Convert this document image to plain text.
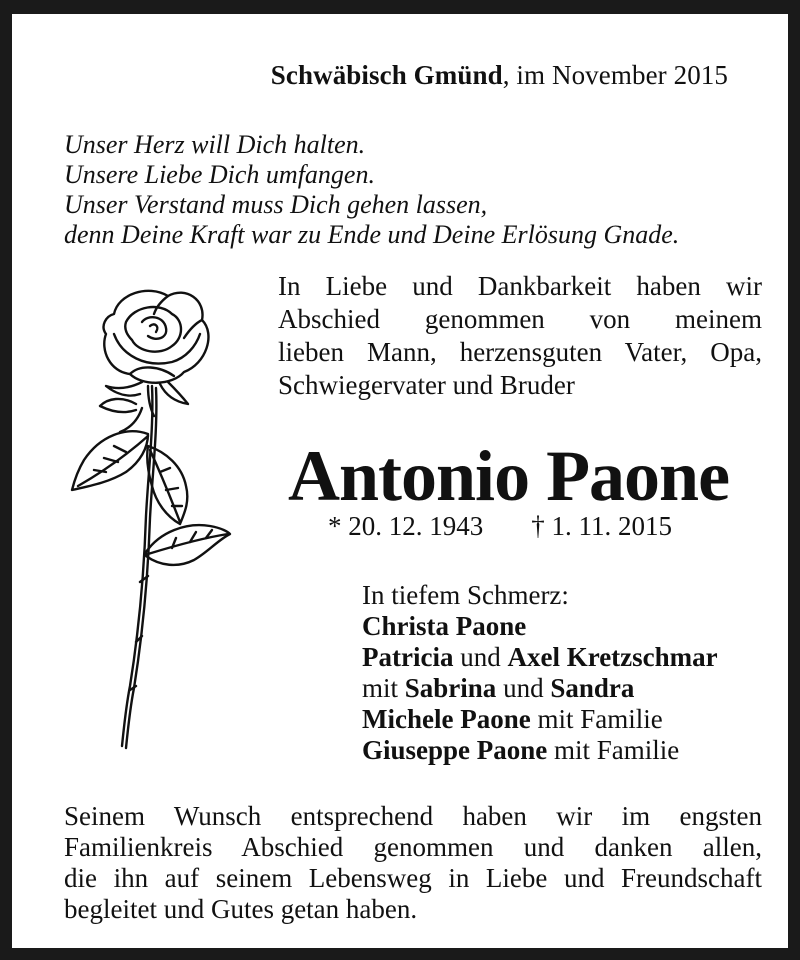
Schwäbisch Gmünd, im November 2015
Unser Herz will Dich halten.
Unsere Liebe Dich umfangen.
Unser Verstand muss Dich gehen lassen,
denn Deine Kraft war zu Ende und Deine Erlösung Gnade.
In Liebe und Dankbarkeit haben wir
Abschied genommen von meinem
lieben Mann, herzensguten Vater, Opa,
Schwiegervater und Bruder
Antonio Paone
* 20. 12. 1943 † 1. 11. 2015
In tiefem Schmerz:
Christa Paone
Patricia und Axel Kretzschmar
mit Sabrina und Sandra
Michele Paone mit Familie
Giuseppe Paone mit Familie
Seinem Wunsch entsprechend haben wir im engsten
Familienkreis Abschied genommen und danken allen,
die ihn auf seinem Lebensweg in Liebe und Freundschaft
begleitet und Gutes getan haben.
